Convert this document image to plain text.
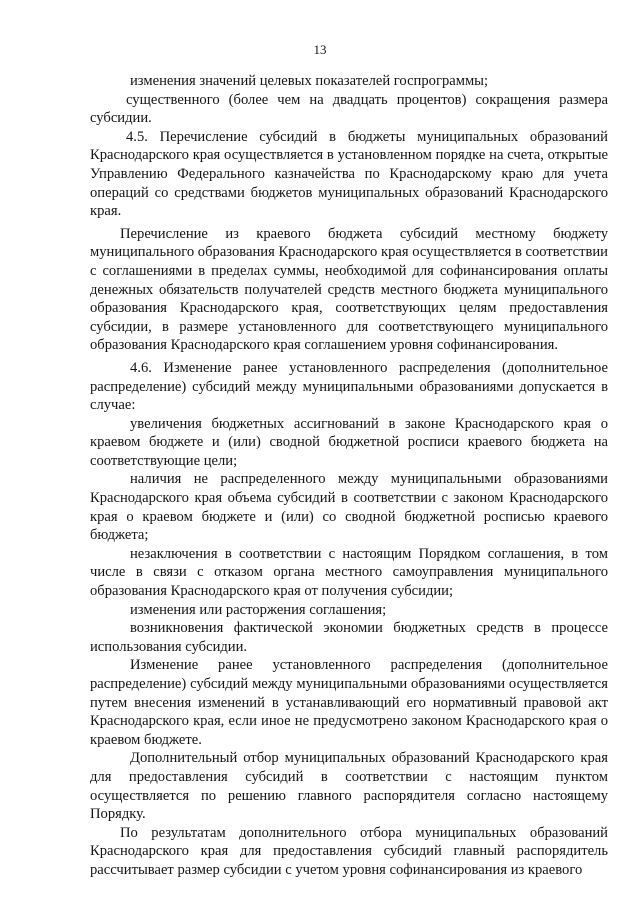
13

изменения значений целевых показателей госпрограммы;

существенного (более чем на двадцать процентов) сокращения размера субсидии.

4.5. Перечисление субсидий в бюджеты муниципальных образований Краснодарского края осуществляется в установленном порядке на счета, открытые Управлению Федерального казначейства по Краснодарскому краю для учета операций со средствами бюджетов муниципальных образований Краснодарского края.

Перечисление из краевого бюджета субсидий местному бюджету муниципального образования Краснодарского края осуществляется в соответствии с соглашениями в пределах суммы, необходимой для софинансирования оплаты денежных обязательств получателей средств местного бюджета муниципального образования Краснодарского края, соответствующих целям предоставления субсидии, в размере установленного для соответствующего муниципального образования Краснодарского края соглашением уровня софинансирования.

4.6. Изменение ранее установленного распределения (дополнительное распределение) субсидий между муниципальными образованиями допускается в случае:

увеличения бюджетных ассигнований в законе Краснодарского края о краевом бюджете и (или) сводной бюджетной росписи краевого бюджета на соответствующие цели;

наличия не распределенного между муниципальными образованиями Краснодарского края объема субсидий в соответствии с законом Краснодарского края о краевом бюджете и (или) со сводной бюджетной росписью краевого бюджета;

незаключения в соответствии с настоящим Порядком соглашения, в том числе в связи с отказом органа местного самоуправления муниципального образования Краснодарского края от получения субсидии;

изменения или расторжения соглашения;

возникновения фактической экономии бюджетных средств в процессе использования субсидии.

Изменение ранее установленного распределения (дополнительное распределение) субсидий между муниципальными образованиями осуществляется путем внесения изменений в устанавливающий его нормативный правовой акт Краснодарского края, если иное не предусмотрено законом Краснодарского края о краевом бюджете.

Дополнительный отбор муниципальных образований Краснодарского края для предоставления субсидий в соответствии с настоящим пунктом осуществляется по решению главного распорядителя согласно настоящему Порядку.

По результатам дополнительного отбора муниципальных образований Краснодарского края для предоставления субсидий главный распорядитель рассчитывает размер субсидии с учетом уровня софинансирования из краевого
